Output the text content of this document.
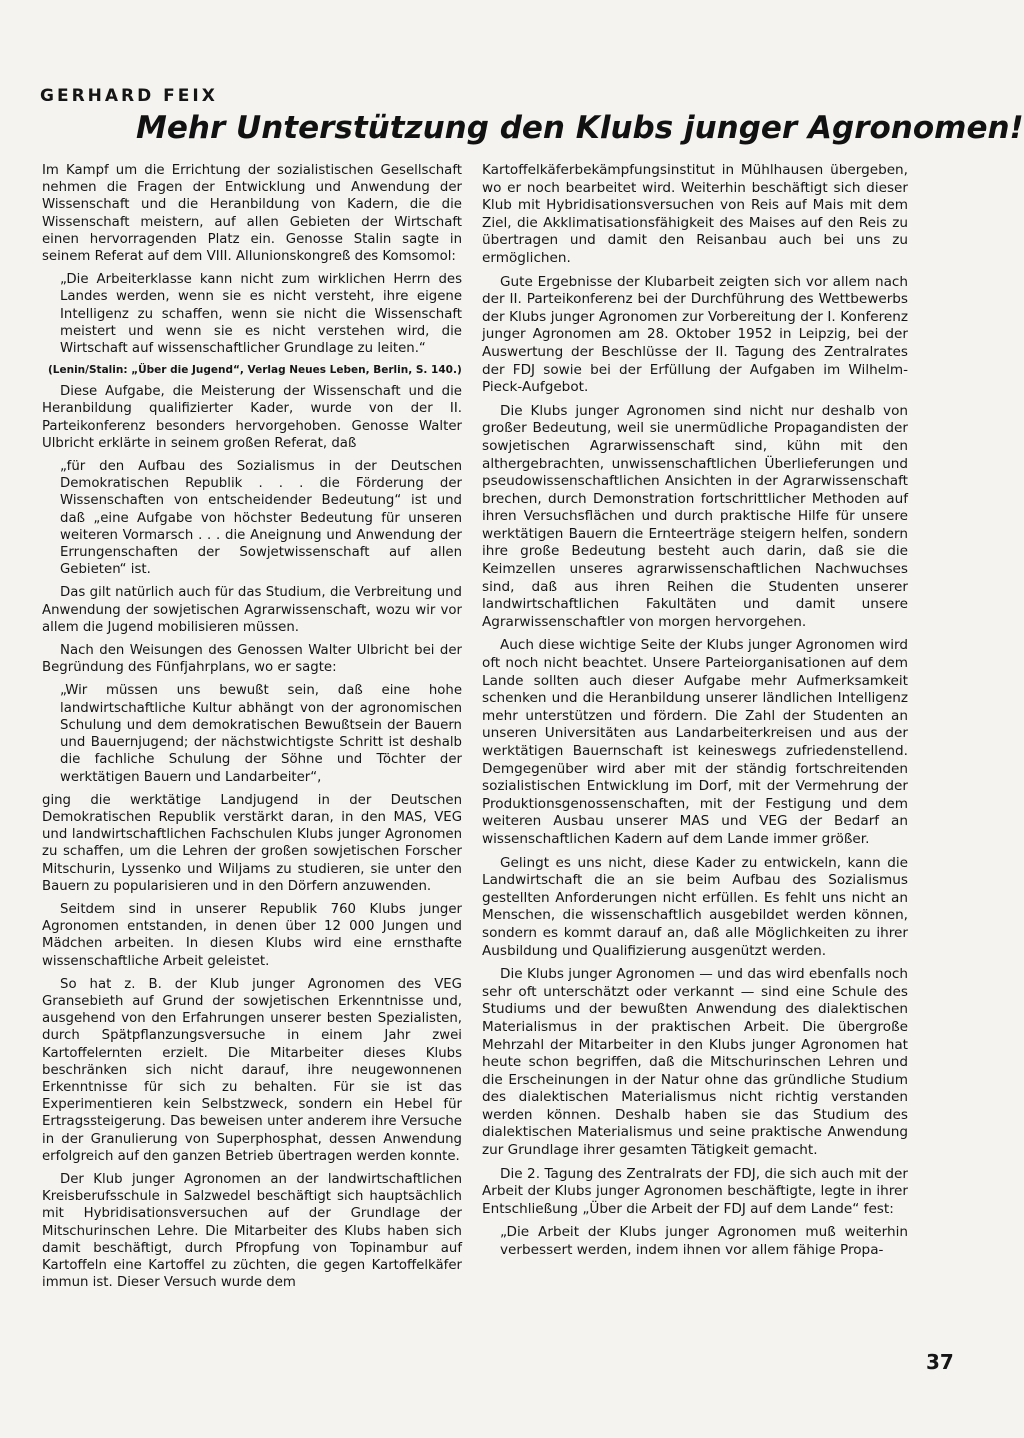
GERHARD FEIX
Mehr Unterstützung den Klubs junger Agronomen!

Im Kampf um die Errichtung der sozialistischen Gesellschaft nehmen die Fragen der Entwicklung und Anwendung der Wissenschaft und die Heranbildung von Kadern, die die Wissenschaft meistern, auf allen Gebieten der Wirtschaft einen hervorragenden Platz ein. Genosse Stalin sagte in seinem Referat auf dem VIII. Allunionskongreß des Komsomol:

„Die Arbeiterklasse kann nicht zum wirklichen Herrn des Landes werden, wenn sie es nicht versteht, ihre eigene Intelligenz zu schaffen, wenn sie nicht die Wissenschaft meistert und wenn sie es nicht verstehen wird, die Wirtschaft auf wissenschaftlicher Grundlage zu leiten.“

(Lenin/Stalin: „Über die Jugend“, Verlag Neues Leben, Berlin, S. 140.)

Diese Aufgabe, die Meisterung der Wissenschaft und die Heranbildung qualifizierter Kader, wurde von der II. Parteikonferenz besonders hervorgehoben. Genosse Walter Ulbricht erklärte in seinem großen Referat, daß

„für den Aufbau des Sozialismus in der Deutschen Demokratischen Republik . . . die Förderung der Wissenschaften von entscheidender Bedeutung“ ist und daß „eine Aufgabe von höchster Bedeutung für unseren weiteren Vormarsch . . . die Aneignung und Anwendung der Errungenschaften der Sowjetwissenschaft auf allen Gebieten“ ist.

Das gilt natürlich auch für das Studium, die Verbreitung und Anwendung der sowjetischen Agrarwissenschaft, wozu wir vor allem die Jugend mobilisieren müssen.

Nach den Weisungen des Genossen Walter Ulbricht bei der Begründung des Fünfjahrplans, wo er sagte:

„Wir müssen uns bewußt sein, daß eine hohe landwirtschaftliche Kultur abhängt von der agronomischen Schulung und dem demokratischen Bewußtsein der Bauern und Bauernjugend; der nächstwichtigste Schritt ist deshalb die fachliche Schulung der Söhne und Töchter der werktätigen Bauern und Landarbeiter“,

ging die werktätige Landjugend in der Deutschen Demokratischen Republik verstärkt daran, in den MAS, VEG und landwirtschaftlichen Fachschulen Klubs junger Agronomen zu schaffen, um die Lehren der großen sowjetischen Forscher Mitschurin, Lyssenko und Wiljams zu studieren, sie unter den Bauern zu popularisieren und in den Dörfern anzuwenden.

Seitdem sind in unserer Republik 760 Klubs junger Agronomen entstanden, in denen über 12 000 Jungen und Mädchen arbeiten. In diesen Klubs wird eine ernsthafte wissenschaftliche Arbeit geleistet.

So hat z. B. der Klub junger Agronomen des VEG Gransebieth auf Grund der sowjetischen Erkenntnisse und, ausgehend von den Erfahrungen unserer besten Spezialisten, durch Spätpflanzungsversuche in einem Jahr zwei Kartoffelernten erzielt. Die Mitarbeiter dieses Klubs beschränken sich nicht darauf, ihre neugewonnenen Erkenntnisse für sich zu behalten. Für sie ist das Experimentieren kein Selbstzweck, sondern ein Hebel für Ertragssteigerung. Das beweisen unter anderem ihre Versuche in der Granulierung von Superphosphat, dessen Anwendung erfolgreich auf den ganzen Betrieb übertragen werden konnte.

Der Klub junger Agronomen an der landwirtschaftlichen Kreisberufsschule in Salzwedel beschäftigt sich hauptsächlich mit Hybridisationsversuchen auf der Grundlage der Mitschurinschen Lehre. Die Mitarbeiter des Klubs haben sich damit beschäftigt, durch Pfropfung von Topinambur auf Kartoffeln eine Kartoffel zu züchten, die gegen Kartoffelkäfer immun ist. Dieser Versuch wurde dem

Kartoffelkäferbekämpfungsinstitut in Mühlhausen übergeben, wo er noch bearbeitet wird. Weiterhin beschäftigt sich dieser Klub mit Hybridisationsversuchen von Reis auf Mais mit dem Ziel, die Akklimatisationsfähigkeit des Maises auf den Reis zu übertragen und damit den Reisanbau auch bei uns zu ermöglichen.

Gute Ergebnisse der Klubarbeit zeigten sich vor allem nach der II. Parteikonferenz bei der Durchführung des Wettbewerbs der Klubs junger Agronomen zur Vorbereitung der I. Konferenz junger Agronomen am 28. Oktober 1952 in Leipzig, bei der Auswertung der Beschlüsse der II. Tagung des Zentralrates der FDJ sowie bei der Erfüllung der Aufgaben im Wilhelm-Pieck-Aufgebot.

Die Klubs junger Agronomen sind nicht nur deshalb von großer Bedeutung, weil sie unermüdliche Propagandisten der sowjetischen Agrarwissenschaft sind, kühn mit den althergebrachten, unwissenschaftlichen Überlieferungen und pseudowissenschaftlichen Ansichten in der Agrarwissenschaft brechen, durch Demonstration fortschrittlicher Methoden auf ihren Versuchsflächen und durch praktische Hilfe für unsere werktätigen Bauern die Ernteerträge steigern helfen, sondern ihre große Bedeutung besteht auch darin, daß sie die Keimzellen unseres agrarwissenschaftlichen Nachwuchses sind, daß aus ihren Reihen die Studenten unserer landwirtschaftlichen Fakultäten und damit unsere Agrarwissenschaftler von morgen hervorgehen.

Auch diese wichtige Seite der Klubs junger Agronomen wird oft noch nicht beachtet. Unsere Parteiorganisationen auf dem Lande sollten auch dieser Aufgabe mehr Aufmerksamkeit schenken und die Heranbildung unserer ländlichen Intelligenz mehr unterstützen und fördern. Die Zahl der Studenten an unseren Universitäten aus Landarbeiterkreisen und aus der werktätigen Bauernschaft ist keineswegs zufriedenstellend. Demgegenüber wird aber mit der ständig fortschreitenden sozialistischen Entwicklung im Dorf, mit der Vermehrung der Produktionsgenossenschaften, mit der Festigung und dem weiteren Ausbau unserer MAS und VEG der Bedarf an wissenschaftlichen Kadern auf dem Lande immer größer.

Gelingt es uns nicht, diese Kader zu entwickeln, kann die Landwirtschaft die an sie beim Aufbau des Sozialismus gestellten Anforderungen nicht erfüllen. Es fehlt uns nicht an Menschen, die wissenschaftlich ausgebildet werden können, sondern es kommt darauf an, daß alle Möglichkeiten zu ihrer Ausbildung und Qualifizierung ausgenützt werden.

Die Klubs junger Agronomen — und das wird ebenfalls noch sehr oft unterschätzt oder verkannt — sind eine Schule des Studiums und der bewußten Anwendung des dialektischen Materialismus in der praktischen Arbeit. Die übergroße Mehrzahl der Mitarbeiter in den Klubs junger Agronomen hat heute schon begriffen, daß die Mitschurinschen Lehren und die Erscheinungen in der Natur ohne das gründliche Studium des dialektischen Materialismus nicht richtig verstanden werden können. Deshalb haben sie das Studium des dialektischen Materialismus und seine praktische Anwendung zur Grundlage ihrer gesamten Tätigkeit gemacht.

Die 2. Tagung des Zentralrats der FDJ, die sich auch mit der Arbeit der Klubs junger Agronomen beschäftigte, legte in ihrer Entschließung „Über die Arbeit der FDJ auf dem Lande“ fest:

„Die Arbeit der Klubs junger Agronomen muß weiterhin verbessert werden, indem ihnen vor allem fähige Propa-

37
